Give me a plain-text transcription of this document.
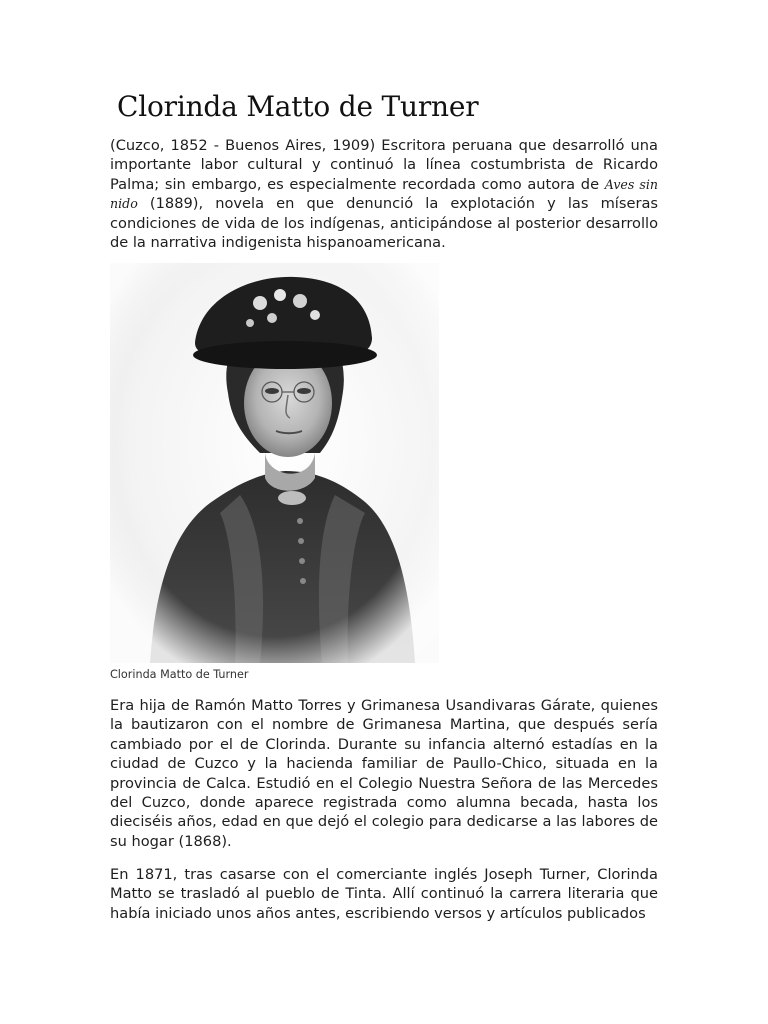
Clorinda Matto de Turner

(Cuzco, 1852 - Buenos Aires, 1909) Escritora peruana que desarrolló una importante labor cultural y continuó la línea costumbrista de Ricardo Palma; sin embargo, es especialmente recordada como autora de Aves sin nido (1889), novela en que denunció la explotación y las míseras condiciones de vida de los indígenas, anticipándose al posterior desarrollo de la narrativa indigenista hispanoamericana.

Clorinda Matto de Turner

Era hija de Ramón Matto Torres y Grimanesa Usandivaras Gárate, quienes la bautizaron con el nombre de Grimanesa Martina, que después sería cambiado por el de Clorinda. Durante su infancia alternó estadías en la ciudad de Cuzco y la hacienda familiar de Paullo-Chico, situada en la provincia de Calca. Estudió en el Colegio Nuestra Señora de las Mercedes del Cuzco, donde aparece registrada como alumna becada, hasta los dieciséis años, edad en que dejó el colegio para dedicarse a las labores de su hogar (1868).

En 1871, tras casarse con el comerciante inglés Joseph Turner, Clorinda Matto se trasladó al pueblo de Tinta. Allí continuó la carrera literaria que había iniciado unos años antes, escribiendo versos y artículos publicados
